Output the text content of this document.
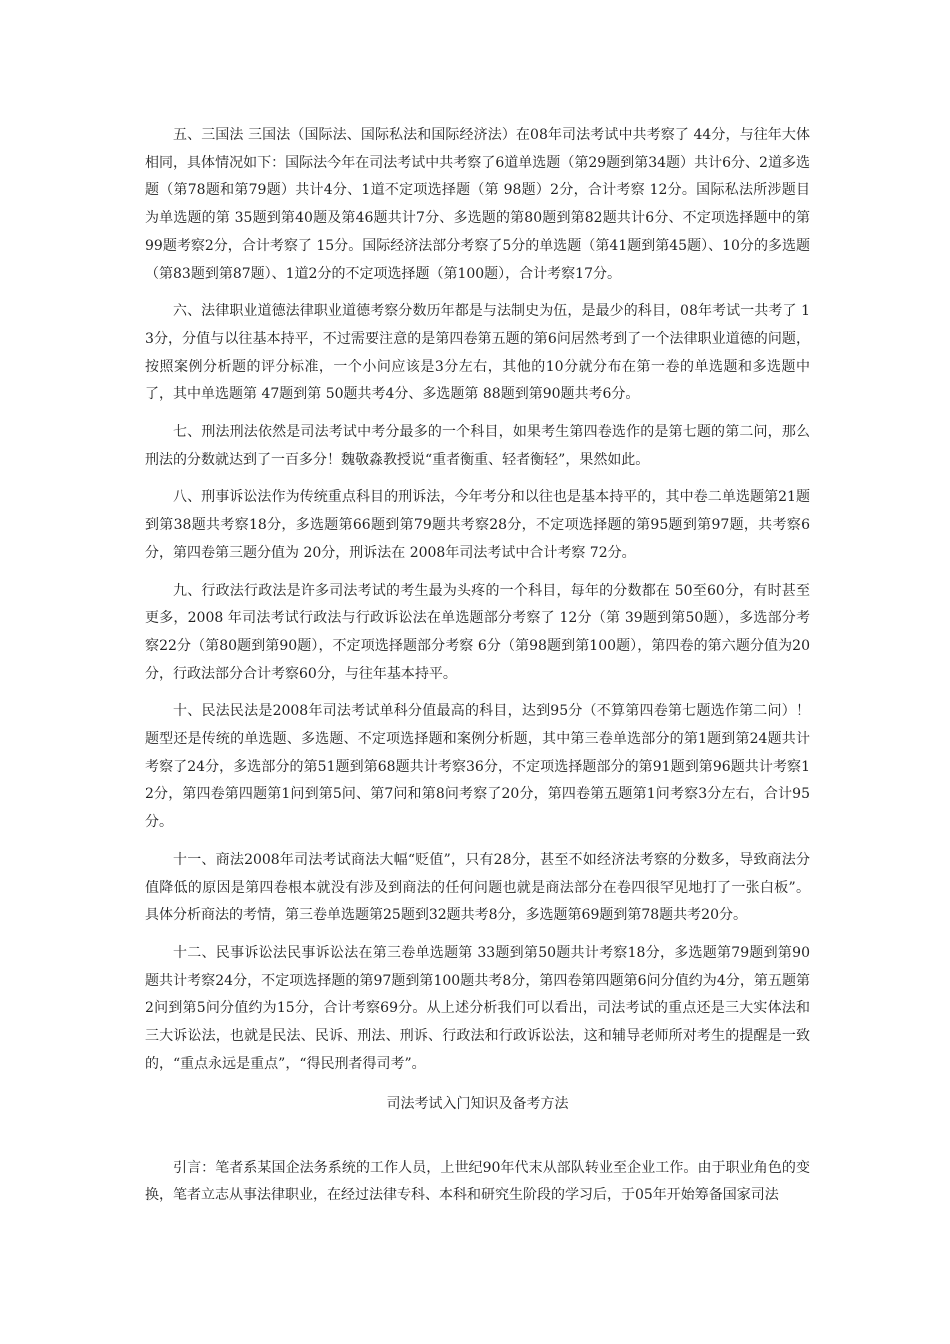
五、三国法 三国法（国际法、国际私法和国际经济法）在08年司法考试中共考察了 44分，与往年大体相同，具体情况如下：国际法今年在司法考试中共考察了6道单选题（第29题到第34题）共计6分、2道多选题（第78题和第79题）共计4分、1道不定项选择题（第 98题）2分，合计考察 12分。国际私法所涉题目为单选题的第 35题到第40题及第46题共计7分、多选题的第80题到第82题共计6分、不定项选择题中的第99题考察2分，合计考察了 15分。国际经济法部分考察了5分的单选题（第41题到第45题）、10分的多选题（第83题到第87题）、1道2分的不定项选择题（第100题），合计考察17分。

六、法律职业道德法律职业道德考察分数历年都是与法制史为伍，是最少的科目，08年考试一共考了 13分，分值与以往基本持平，不过需要注意的是第四卷第五题的第6问居然考到了一个法律职业道德的问题，按照案例分析题的评分标准，一个小问应该是3分左右，其他的10分就分布在第一卷的单选题和多选题中了，其中单选题第 47题到第 50题共考4分、多选题第 88题到第90题共考6分。

七、刑法刑法依然是司法考试中考分最多的一个科目，如果考生第四卷选作的是第七题的第二问，那么刑法的分数就达到了一百多分！魏敬淼教授说“重者衡重、轻者衡轻”，果然如此。

八、刑事诉讼法作为传统重点科目的刑诉法，今年考分和以往也是基本持平的，其中卷二单选题第21题到第38题共考察18分，多选题第66题到第79题共考察28分，不定项选择题的第95题到第97题，共考察6分，第四卷第三题分值为 20分，刑诉法在 2008年司法考试中合计考察 72分。

九、行政法行政法是许多司法考试的考生最为头疼的一个科目，每年的分数都在 50至60分，有时甚至更多，2008 年司法考试行政法与行政诉讼法在单选题部分考察了 12分（第 39题到第50题），多选部分考察22分（第80题到第90题），不定项选择题部分考察 6分（第98题到第100题），第四卷的第六题分值为20分，行政法部分合计考察60分，与往年基本持平。

十、民法民法是2008年司法考试单科分值最高的科目，达到95分（不算第四卷第七题选作第二问）！题型还是传统的单选题、多选题、不定项选择题和案例分析题，其中第三卷单选部分的第1题到第24题共计考察了24分，多选部分的第51题到第68题共计考察36分，不定项选择题部分的第91题到第96题共计考察12分，第四卷第四题第1问到第5问、第7问和第8问考察了20分，第四卷第五题第1问考察3分左右，合计95分。

十一、商法2008年司法考试商法大幅“贬值”，只有28分，甚至不如经济法考察的分数多，导致商法分值降低的原因是第四卷根本就没有涉及到商法的任何问题也就是商法部分在卷四很罕见地打了一张白板”。具体分析商法的考情，第三卷单选题第25题到32题共考8分，多选题第69题到第78题共考20分。

十二、民事诉讼法民事诉讼法在第三卷单选题第 33题到第50题共计考察18分，多选题第79题到第90题共计考察24分，不定项选择题的第97题到第100题共考8分，第四卷第四题第6问分值约为4分，第五题第2问到第5问分值约为15分，合计考察69分。从上述分析我们可以看出，司法考试的重点还是三大实体法和三大诉讼法，也就是民法、民诉、刑法、刑诉、行政法和行政诉讼法，这和辅导老师所对考生的提醒是一致的，“重点永远是重点”，“得民刑者得司考”。

司法考试入门知识及备考方法

引言：笔者系某国企法务系统的工作人员，上世纪90年代末从部队转业至企业工作。由于职业角色的变换，笔者立志从事法律职业，在经过法律专科、本科和研究生阶段的学习后，于05年开始筹备国家司法
